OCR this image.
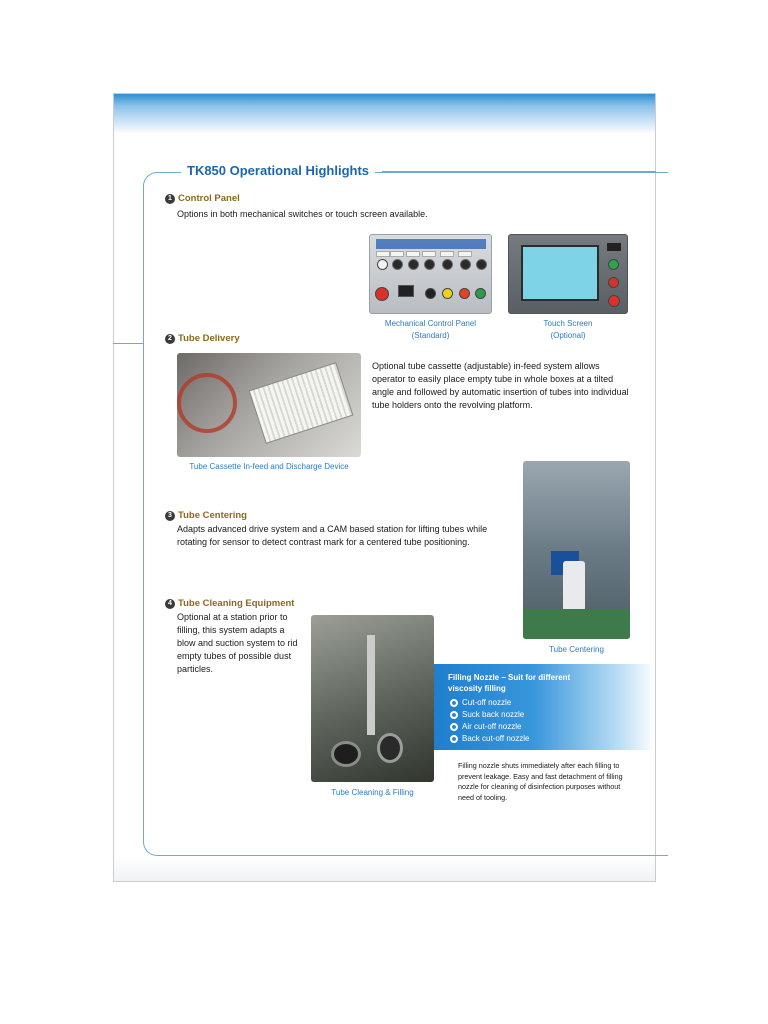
TK850 Operational Highlights
1 Control Panel
Options in both mechanical switches or touch screen available.
Mechanical Control Panel
(Standard)
Touch Screen
(Optional)
2 Tube Delivery
Optional tube cassette (adjustable) in-feed system allows operator to easily place empty tube in whole boxes at a tilted angle and followed by automatic insertion of tubes into individual tube holders onto the revolving platform.
Tube Cassette In-feed and Discharge Device
Tube Centering
3 Tube Centering
Adapts advanced drive system and a CAM based station for lifting tubes while rotating for sensor to detect contrast mark for a centered tube positioning.
4 Tube Cleaning Equipment
Optional at a station prior to filling, this system adapts a blow and suction system to rid empty tubes of possible dust particles.
Tube Cleaning & Filling
Filling Nozzle – Suit for different viscosity filling
Cut-off nozzle
Suck back nozzle
Air cut-off nozzle
Back cut-off nozzle
Filling nozzle shuts immediately after each filling to prevent leakage. Easy and fast detachment of filling nozzle for cleaning of disinfection purposes without need of tooling.
